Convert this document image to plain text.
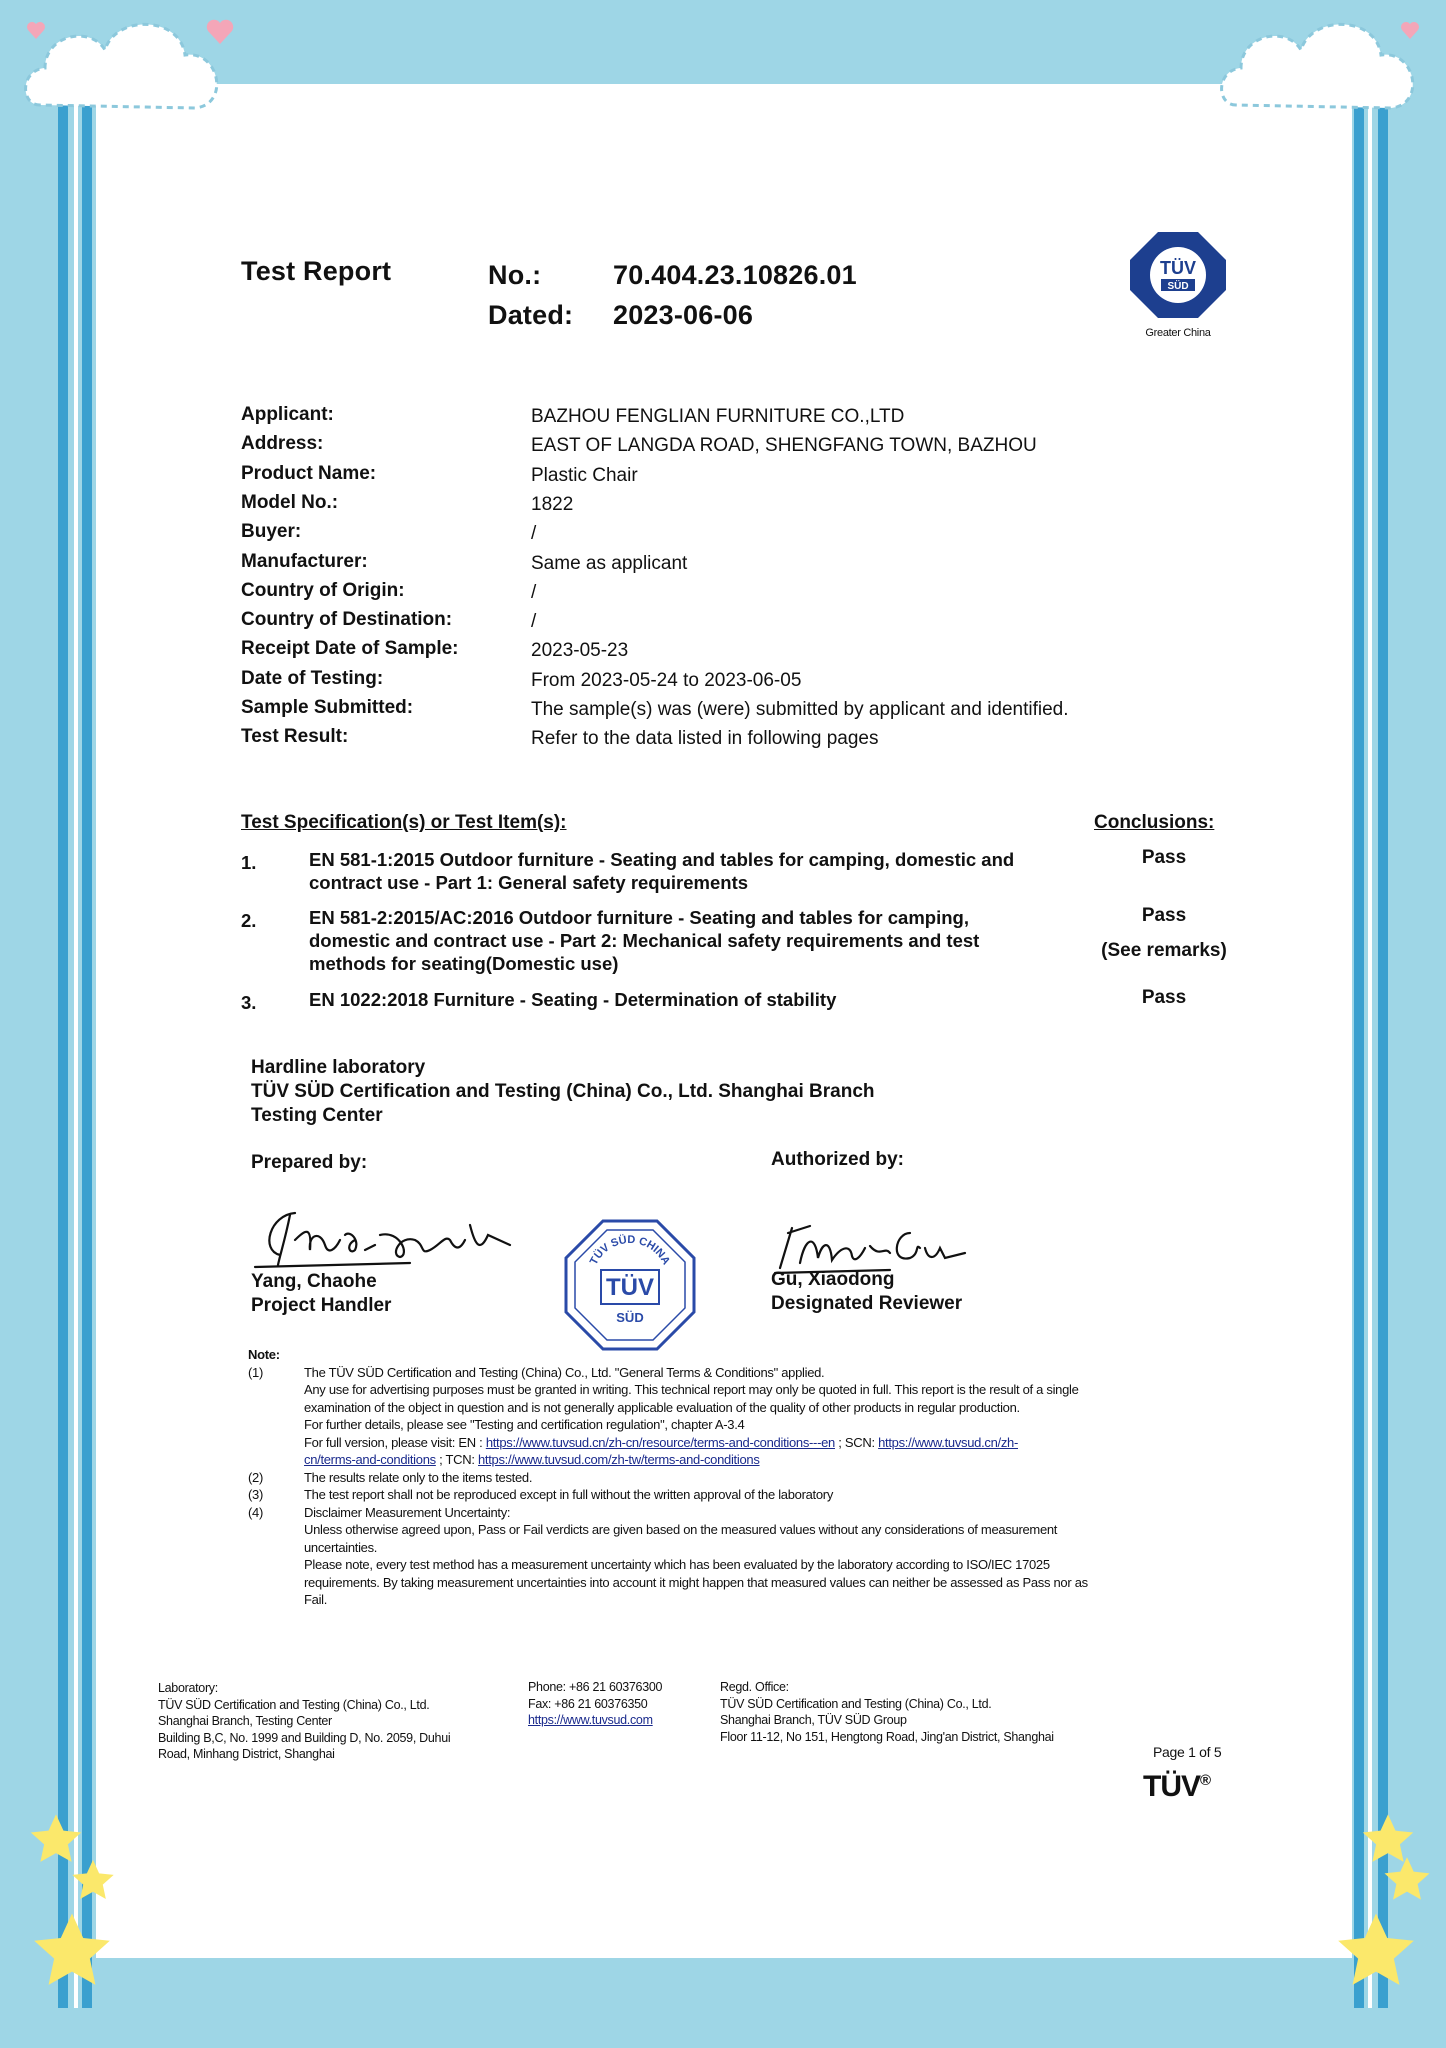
Test Report	No.:	70.404.23.10826.01
Dated: 2023-06-06
TÜV
SÜD
Greater China
Applicant:	BAZHOU FENGLIAN FURNITURE CO.,LTD
Address:	EAST OF LANGDA ROAD, SHENGFANG TOWN, BAZHOU
Product Name:	Plastic Chair
Model No.:	1822
Buyer:	/
Manufacturer:	Same as applicant
Country of Origin:	/
Country of Destination:	/
Receipt Date of Sample:	2023-05-23
Date of Testing:	From 2023-05-24 to 2023-06-05
Sample Submitted:	The sample(s) was (were) submitted by applicant and identified.
Test Result:	Refer to the data listed in following pages
Test Specification(s) or Test Item(s):	Conclusions:
1.	EN 581-1:2015 Outdoor furniture - Seating and tables for camping, domestic and
contract use - Part 1: General safety requirements
Pass
2.	EN 581-2:2015/AC:2016 Outdoor furniture - Seating and tables for camping,
domestic and contract use - Part 2: Mechanical safety requirements and test
methods for seating(Domestic use)
Pass
(See remarks)
3.	EN 1022:2018 Furniture - Seating - Determination of stability	Pass
Hardline laboratory
TÜV SÜD Certification and Testing (China) Co., Ltd. Shanghai Branch
Testing Center
Prepared by:	Authorized by:
Yang, Chaohe
Project Handler
Gu, Xiaodong
Designated Reviewer
TÜV SÜD CHINA
TÜV
SÜD
Note:
(1)	The TÜV SÜD Certification and Testing (China) Co., Ltd. "General Terms & Conditions" applied.
Any use for advertising purposes must be granted in writing. This technical report may only be quoted in full. This report is the result of a single
examination of the object in question and is not generally applicable evaluation of the quality of other products in regular production.
For further details, please see "Testing and certification regulation", chapter A-3.4
For full version, please visit: EN : https://www.tuvsud.cn/zh-cn/resource/terms-and-conditions---en ; SCN: https://www.tuvsud.cn/zh-
cn/terms-and-conditions ; TCN: https://www.tuvsud.com/zh-tw/terms-and-conditions
(2)	The results relate only to the items tested.
(3)	The test report shall not be reproduced except in full without the written approval of the laboratory
(4)	Disclaimer Measurement Uncertainty:
Unless otherwise agreed upon, Pass or Fail verdicts are given based on the measured values without any considerations of measurement
uncertainties.
Please note, every test method has a measurement uncertainty which has been evaluated by the laboratory according to ISO/IEC 17025
requirements. By taking measurement uncertainties into account it might happen that measured values can neither be assessed as Pass nor as
Fail.
Laboratory:
TÜV SÜD Certification and Testing (China) Co., Ltd.
Shanghai Branch, Testing Center
Building B,C, No. 1999 and Building D, No. 2059, Duhui
Road, Minhang District, Shanghai
Phone: +86 21 60376300
Fax: +86 21 60376350
https://www.tuvsud.com
Regd. Office:
TÜV SÜD Certification and Testing (China) Co., Ltd.
Shanghai Branch, TÜV SÜD Group
Floor 11-12, No 151, Hengtong Road, Jing'an District, Shanghai
Page 1 of 5
TÜV®
